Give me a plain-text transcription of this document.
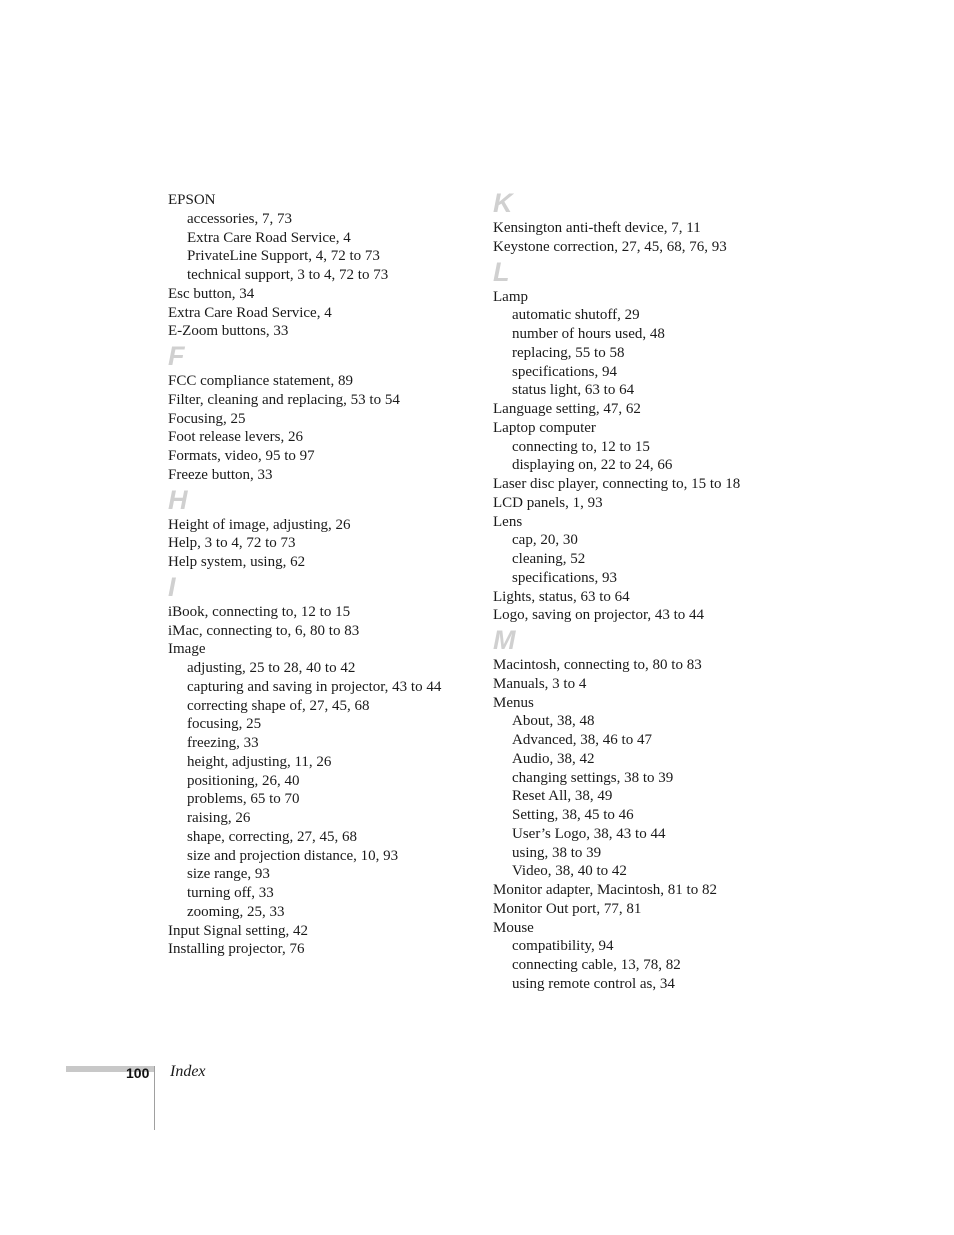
EPSON
accessories, 7, 73
Extra Care Road Service, 4
PrivateLine Support, 4, 72 to 73
technical support, 3 to 4, 72 to 73
Esc button, 34
Extra Care Road Service, 4
E-Zoom buttons, 33
F
FCC compliance statement, 89
Filter, cleaning and replacing, 53 to 54
Focusing, 25
Foot release levers, 26
Formats, video, 95 to 97
Freeze button, 33
H
Height of image, adjusting, 26
Help, 3 to 4, 72 to 73
Help system, using, 62
I
iBook, connecting to, 12 to 15
iMac, connecting to, 6, 80 to 83
Image
adjusting, 25 to 28, 40 to 42
capturing and saving in projector, 43 to 44
correcting shape of, 27, 45, 68
focusing, 25
freezing, 33
height, adjusting, 11, 26
positioning, 26, 40
problems, 65 to 70
raising, 26
shape, correcting, 27, 45, 68
size and projection distance, 10, 93
size range, 93
turning off, 33
zooming, 25, 33
Input Signal setting, 42
Installing projector, 76
K
Kensington anti-theft device, 7, 11
Keystone correction, 27, 45, 68, 76, 93
L
Lamp
automatic shutoff, 29
number of hours used, 48
replacing, 55 to 58
specifications, 94
status light, 63 to 64
Language setting, 47, 62
Laptop computer
connecting to, 12 to 15
displaying on, 22 to 24, 66
Laser disc player, connecting to, 15 to 18
LCD panels, 1, 93
Lens
cap, 20, 30
cleaning, 52
specifications, 93
Lights, status, 63 to 64
Logo, saving on projector, 43 to 44
M
Macintosh, connecting to, 80 to 83
Manuals, 3 to 4
Menus
About, 38, 48
Advanced, 38, 46 to 47
Audio, 38, 42
changing settings, 38 to 39
Reset All, 38, 49
Setting, 38, 45 to 46
User’s Logo, 38, 43 to 44
using, 38 to 39
Video, 38, 40 to 42
Monitor adapter, Macintosh, 81 to 82
Monitor Out port, 77, 81
Mouse
compatibility, 94
connecting cable, 13, 78, 82
using remote control as, 34
100 Index
